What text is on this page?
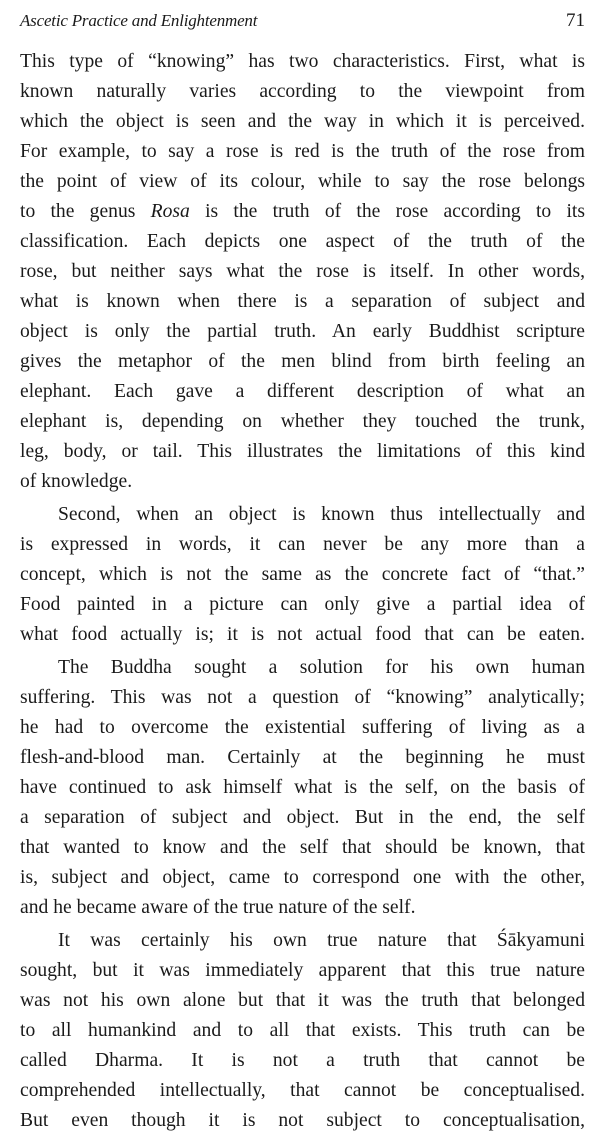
Ascetic Practice and Enlightenment	71
This type of “knowing” has two characteristics. First, what is
known naturally varies according to the viewpoint from
which the object is seen and the way in which it is perceived.
For example, to say a rose is red is the truth of the rose from
the point of view of its colour, while to say the rose belongs
to the genus Rosa is the truth of the rose according to its
classification. Each depicts one aspect of the truth of the
rose, but neither says what the rose is itself. In other words,
what is known when there is a separation of subject and
object is only the partial truth. An early Buddhist scripture
gives the metaphor of the men blind from birth feeling an
elephant. Each gave a different description of what an
elephant is, depending on whether they touched the trunk,
leg, body, or tail. This illustrates the limitations of this kind
of knowledge.
Second, when an object is known thus intellectually and
is expressed in words, it can never be any more than a
concept, which is not the same as the concrete fact of “that.”
Food painted in a picture can only give a partial idea of
what food actually is; it is not actual food that can be eaten.
The Buddha sought a solution for his own human
suffering. This was not a question of “knowing” analytically;
he had to overcome the existential suffering of living as a
flesh-and-blood man. Certainly at the beginning he must
have continued to ask himself what is the self, on the basis of
a separation of subject and object. But in the end, the self
that wanted to know and the self that should be known, that
is, subject and object, came to correspond one with the other,
and he became aware of the true nature of the self.
It was certainly his own true nature that Śākyamuni
sought, but it was immediately apparent that this true nature
was not his own alone but that it was the truth that belonged
to all humankind and to all that exists. This truth can be
called Dharma. It is not a truth that cannot be
comprehended intellectually, that cannot be conceptualised.
But even though it is not subject to conceptualisation,
